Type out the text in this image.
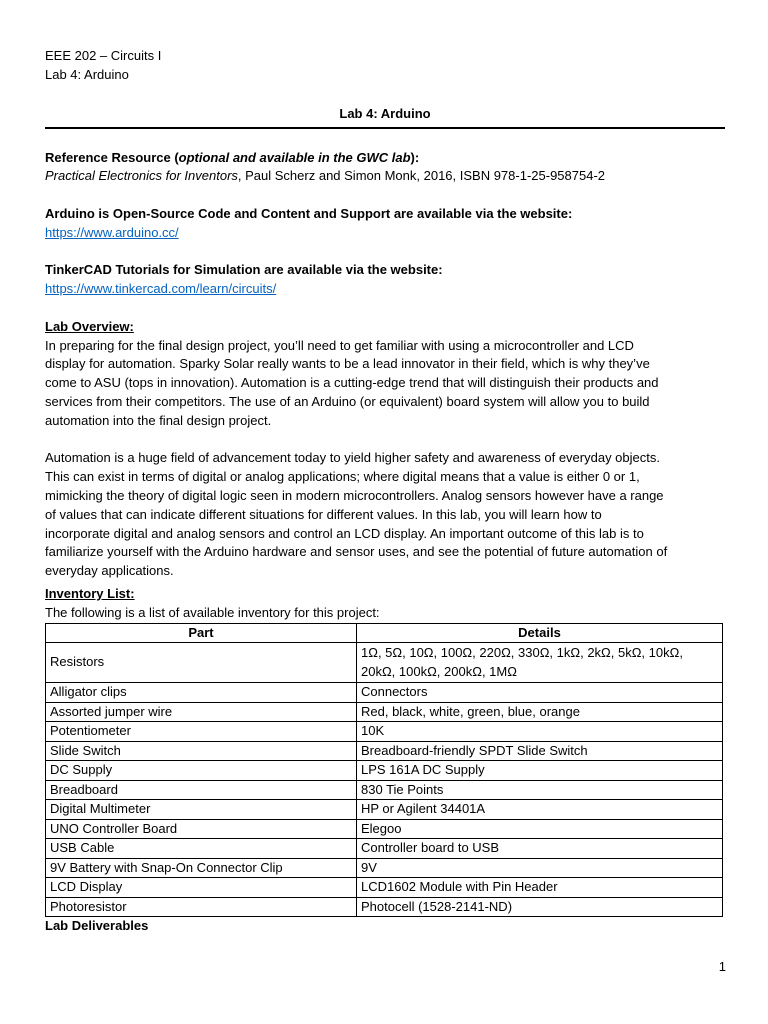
EEE 202 – Circuits I
Lab 4: Arduino
Lab 4: Arduino

Reference Resource (optional and available in the GWC lab):

Practical Electronics for Inventors, Paul Scherz and Simon Monk, 2016, ISBN 978-1-25-958754-2

Arduino is Open-Source Code and Content and Support are available via the website:

https://www.arduino.cc/

TinkerCAD Tutorials for Simulation are available via the website:

https://www.tinkercad.com/learn/circuits/

Lab Overview:

In preparing for the final design project, you’ll need to get familiar with using a microcontroller and LCD
display for automation. Sparky Solar really wants to be a lead innovator in their field, which is why they’ve
come to ASU (tops in innovation). Automation is a cutting-edge trend that will distinguish their products and
services from their competitors. The use of an Arduino (or equivalent) board system will allow you to build
automation into the final design project.
Automation is a huge field of advancement today to yield higher safety and awareness of everyday objects.
This can exist in terms of digital or analog applications; where digital means that a value is either 0 or 1,
mimicking the theory of digital logic seen in modern microcontrollers. Analog sensors however have a range
of values that can indicate different situations for different values. In this lab, you will learn how to
incorporate digital and analog sensors and control an LCD display. An important outcome of this lab is to
familiarize yourself with the Arduino hardware and sensor uses, and see the potential of future automation of
everyday applications.

Inventory List:

The following is a list of available inventory for this project:

Part	Details
Resistors	1Ω, 5Ω, 10Ω, 100Ω, 220Ω, 330Ω, 1kΩ, 2kΩ, 5kΩ, 10kΩ,
20kΩ, 100kΩ, 200kΩ, 1MΩ

Alligator clips	Connectors
Assorted jumper wire	Red, black, white, green, blue, orange
Potentiometer	10K
Slide Switch	Breadboard-friendly SPDT Slide Switch
DC Supply	LPS 161A DC Supply
Breadboard	830 Tie Points
Digital Multimeter	HP or Agilent 34401A
UNO Controller Board	Elegoo
USB Cable	Controller board to USB
9V Battery with Snap-On Connector Clip	9V
LCD Display	LCD1602 Module with Pin Header
Photoresistor	Photocell (1528-2141-ND)

Lab Deliverables

1
